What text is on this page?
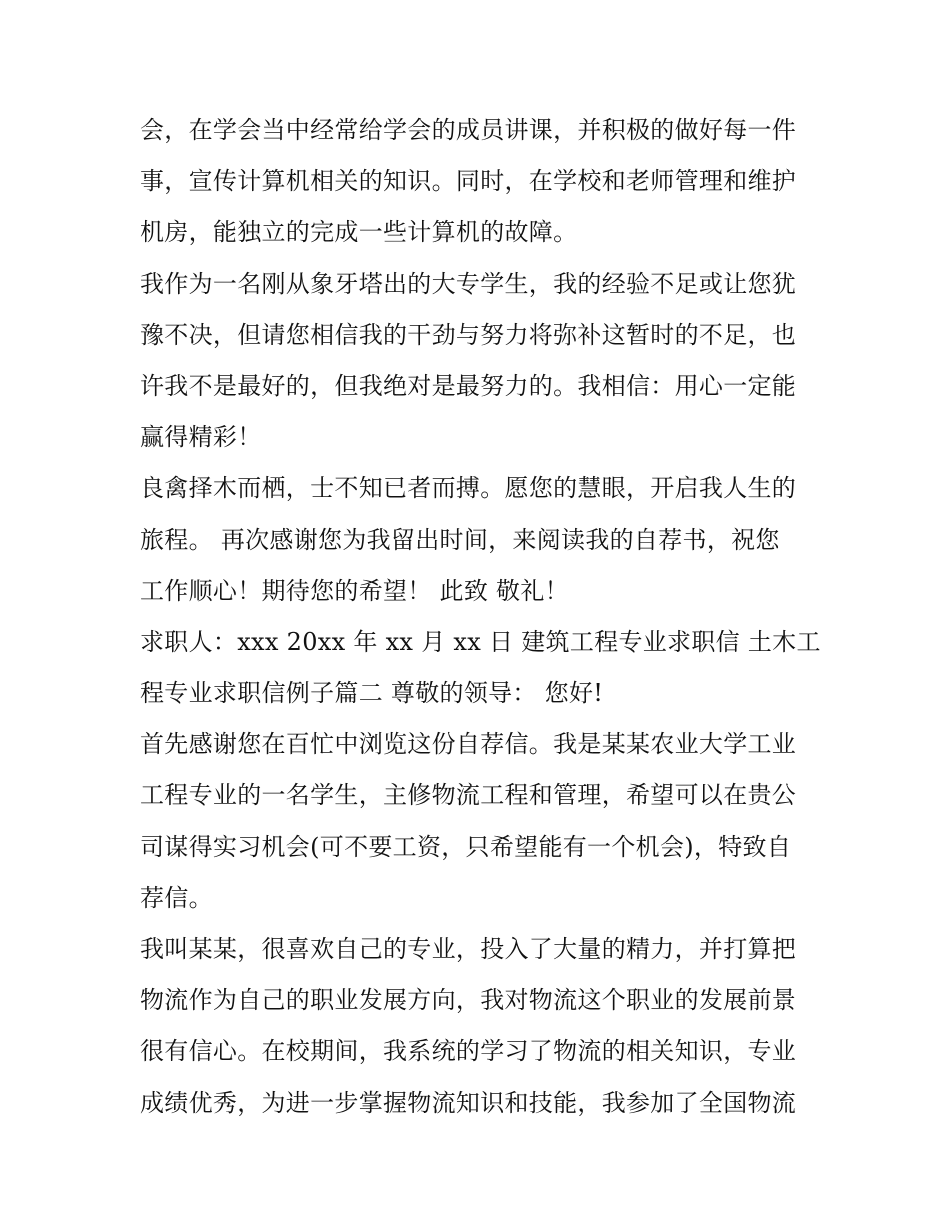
会，在学会当中经常给学会的成员讲课，并积极的做好每一件
事，宣传计算机相关的知识。同时，在学校和老师管理和维护
机房，能独立的完成一些计算机的故障。
我作为一名刚从象牙塔出的大专学生，我的经验不足或让您犹
豫不决，但请您相信我的干劲与努力将弥补这暂时的不足，也
许我不是最好的，但我绝对是最努力的。我相信：用心一定能
赢得精彩！
良禽择木而栖，士不知已者而搏。愿您的慧眼，开启我人生的
旅程。 再次感谢您为我留出时间，来阅读我的自荐书，祝您
工作顺心！期待您的希望！ 此致 敬礼！
求职人：xxx 20xx 年 xx 月 xx 日 建筑工程专业求职信 土木工
程专业求职信例子篇二 尊敬的领导： 您好!
首先感谢您在百忙中浏览这份自荐信。我是某某农业大学工业
工程专业的一名学生，主修物流工程和管理，希望可以在贵公
司谋得实习机会(可不要工资，只希望能有一个机会)，特致自
荐信。
我叫某某，很喜欢自己的专业，投入了大量的精力，并打算把
物流作为自己的职业发展方向，我对物流这个职业的发展前景
很有信心。在校期间，我系统的学习了物流的相关知识，专业
成绩优秀，为进一步掌握物流知识和技能，我参加了全国物流
